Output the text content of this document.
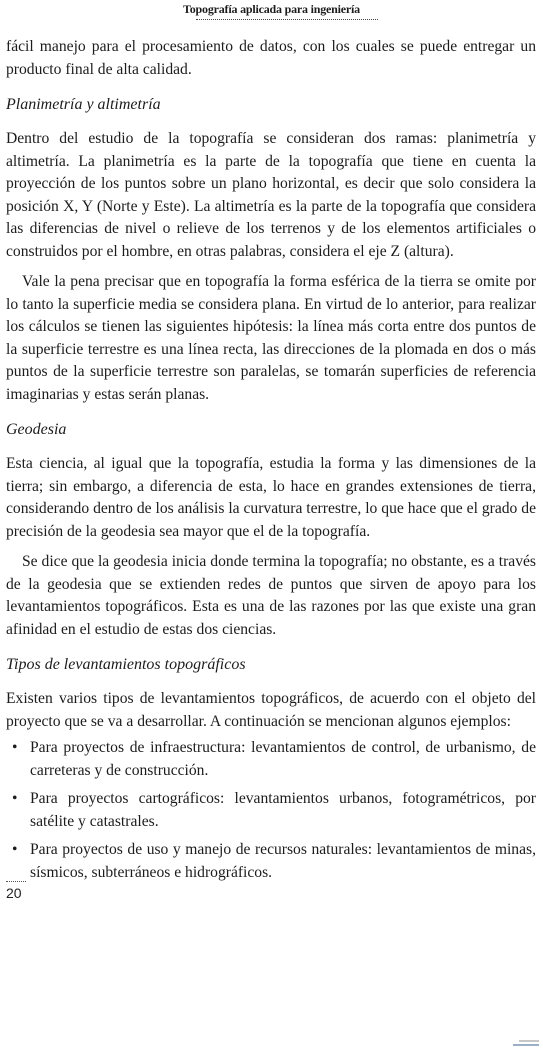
Topografía aplicada para ingeniería

fácil manejo para el procesamiento de datos, con los cuales se puede entregar un producto final de alta calidad.

Planimetría y altimetría

Dentro del estudio de la topografía se consideran dos ramas: planimetría y altimetría. La planimetría es la parte de la topografía que tiene en cuenta la proyección de los puntos sobre un plano horizontal, es decir que solo considera la posición X, Y (Norte y Este). La altimetría es la parte de la topografía que considera las diferencias de nivel o relieve de los terrenos y de los elementos artificiales o construidos por el hombre, en otras palabras, considera el eje Z (altura).

Vale la pena precisar que en topografía la forma esférica de la tierra se omite por lo tanto la superficie media se considera plana. En virtud de lo anterior, para realizar los cálculos se tienen las siguientes hipótesis: la línea más corta entre dos puntos de la superficie terrestre es una línea recta, las direcciones de la plomada en dos o más puntos de la superficie terrestre son paralelas, se tomarán superficies de referencia imaginarias y estas serán planas.

Geodesia

Esta ciencia, al igual que la topografía, estudia la forma y las dimensiones de la tierra; sin embargo, a diferencia de esta, lo hace en grandes extensiones de tierra, considerando dentro de los análisis la curvatura terrestre, lo que hace que el grado de precisión de la geodesia sea mayor que el de la topografía.

Se dice que la geodesia inicia donde termina la topografía; no obstante, es a través de la geodesia que se extienden redes de puntos que sirven de apoyo para los levantamientos topográficos. Esta es una de las razones por las que existe una gran afinidad en el estudio de estas dos ciencias.

Tipos de levantamientos topográficos

Existen varios tipos de levantamientos topográficos, de acuerdo con el objeto del proyecto que se va a desarrollar. A continuación se mencionan algunos ejemplos:

• Para proyectos de infraestructura: levantamientos de control, de urbanismo, de carreteras y de construcción.
• Para proyectos cartográficos: levantamientos urbanos, fotogramétricos, por satélite y catastrales.
• Para proyectos de uso y manejo de recursos naturales: levantamientos de minas, sísmicos, subterráneos e hidrográficos.
20
